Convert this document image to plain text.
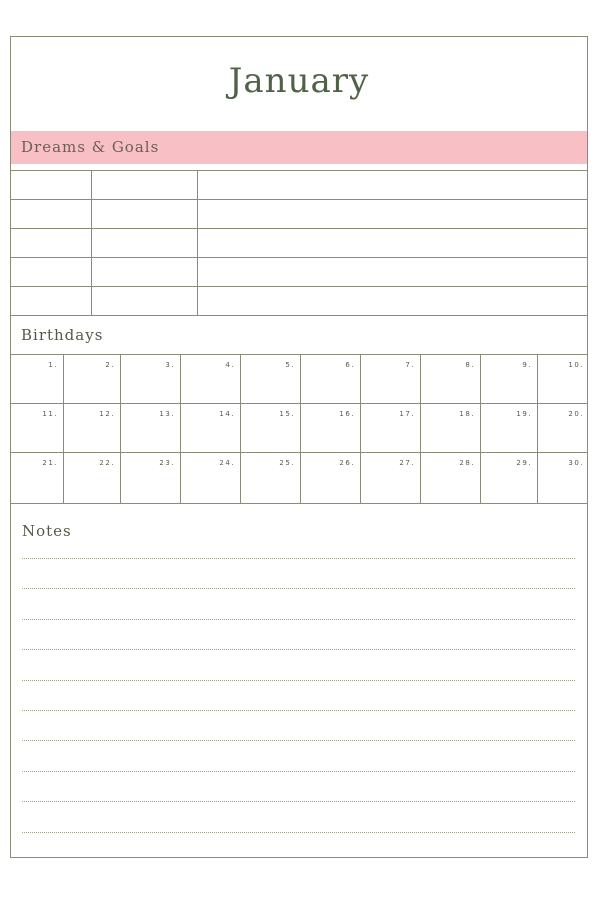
January
Dreams & Goals
Birthdays
1.	2.	3.	4.	5.	6.	7.	8.	9.	10.
11.	12.	13.	14.	15.	16.	17.	18.	19.	20.
21.	22.	23.	24.	25.	26.	27.	28.	29.	30.
Notes
